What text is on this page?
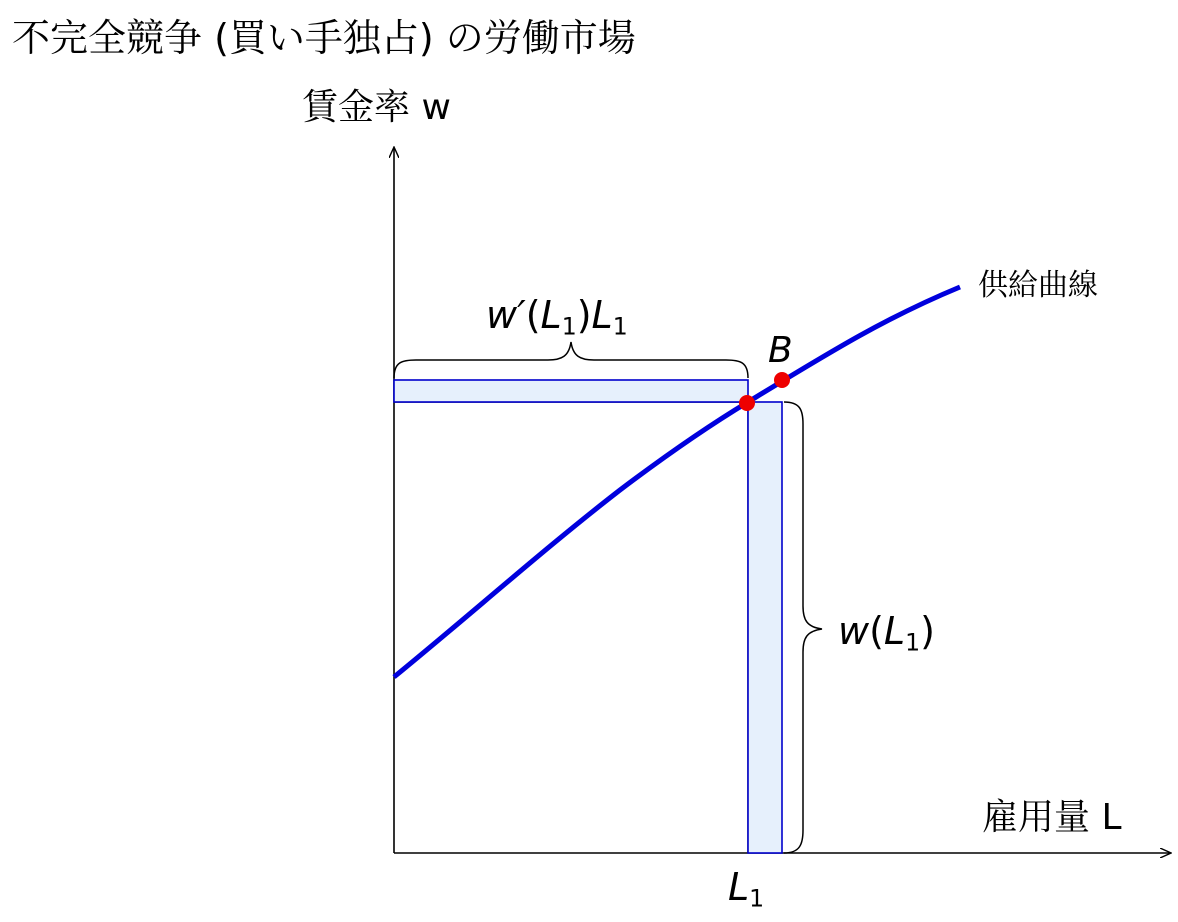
不完全競争 (買い手独占) の労働市場
賃金率 w
雇用量 L
供給曲線
$w'(L_1)L_1$
$w(L_1)$
B
$L_1$
